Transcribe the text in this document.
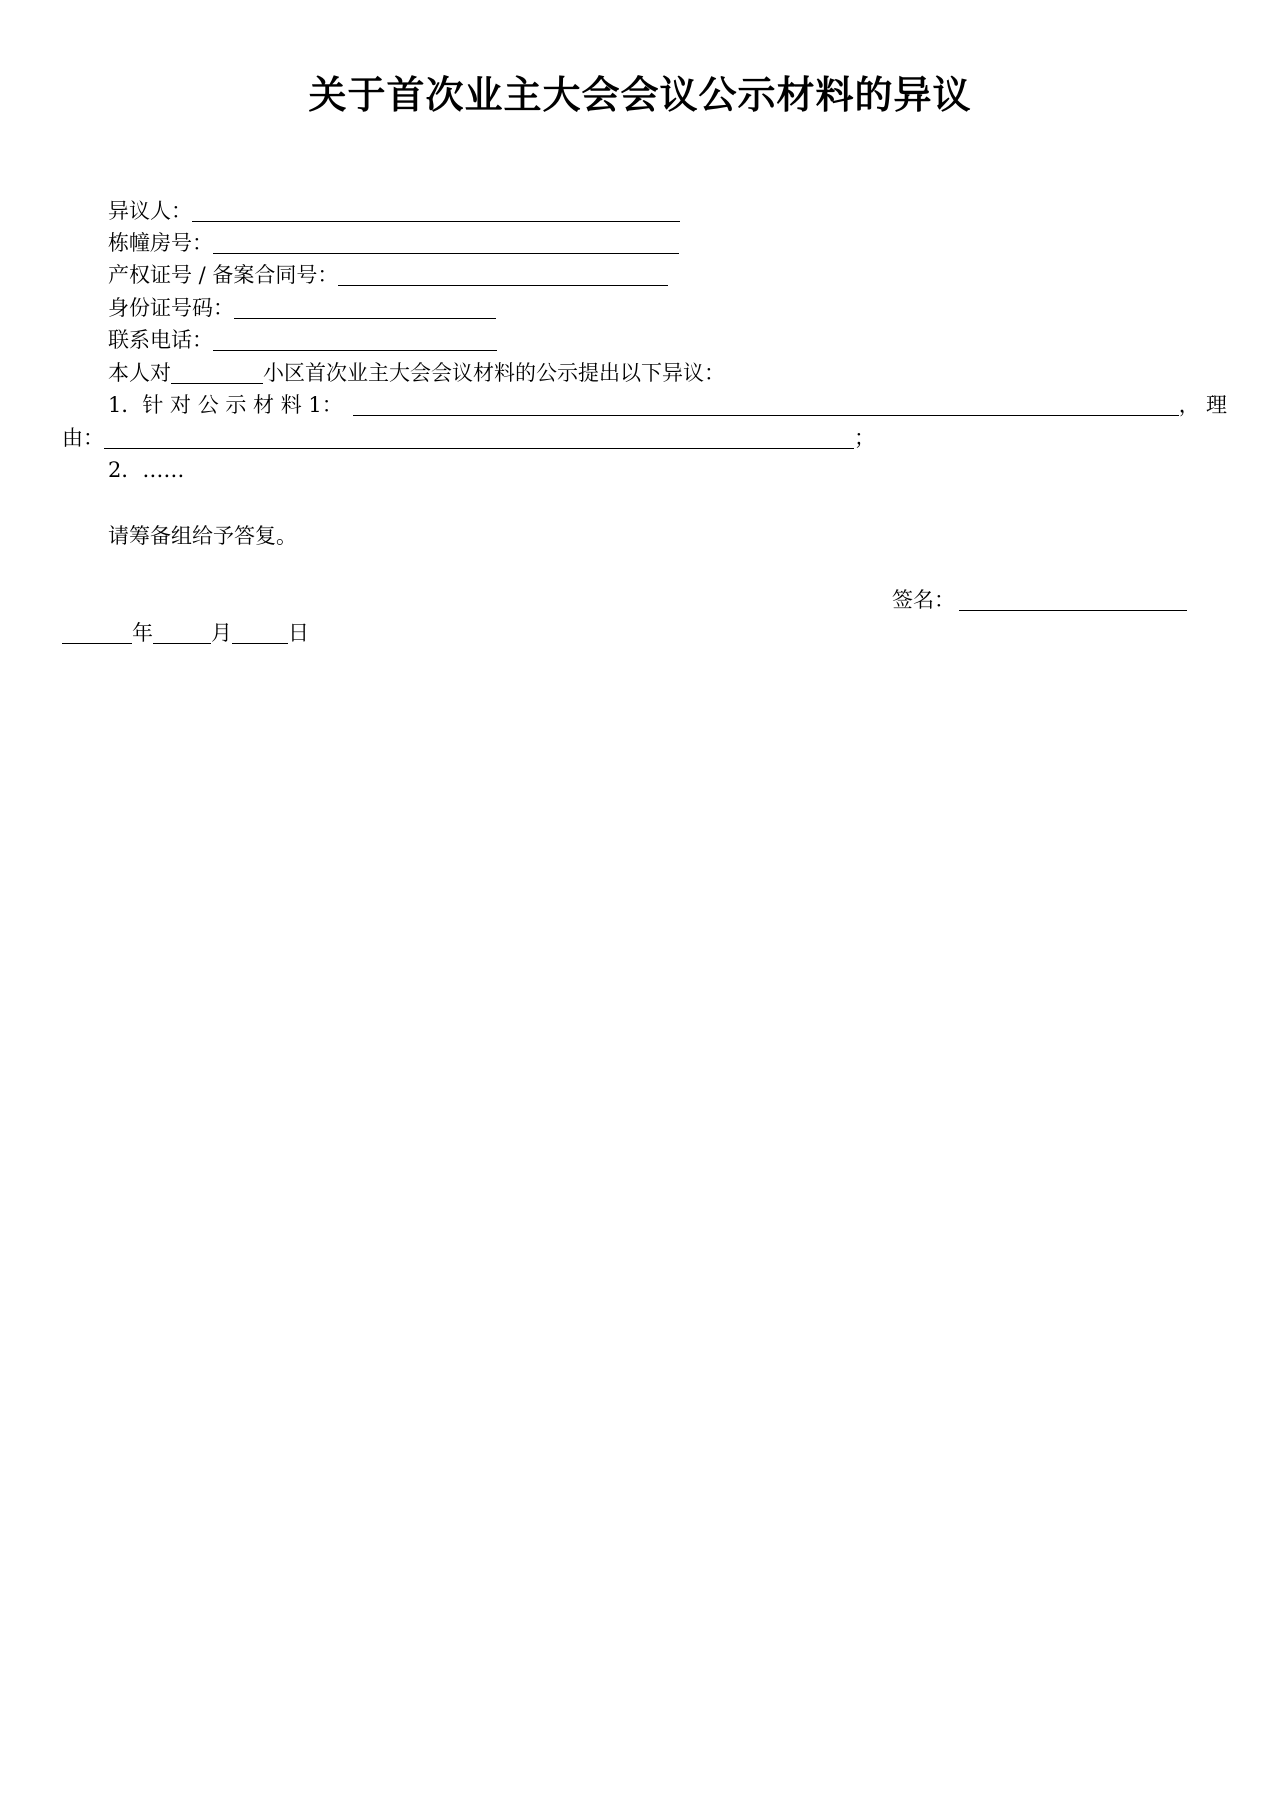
关于首次业主大会会议公示材料的异议
异议人：
栋幢房号：
产权证号 / 备案合同号：
身份证号码：
联系电话：
本人对	小区首次业主大会会议材料的公示提出以下异议：
1．针 对 公 示 材 料 1：	， 理
由：	；
2．……
请筹备组给予答复。
签名：
年	月	日
